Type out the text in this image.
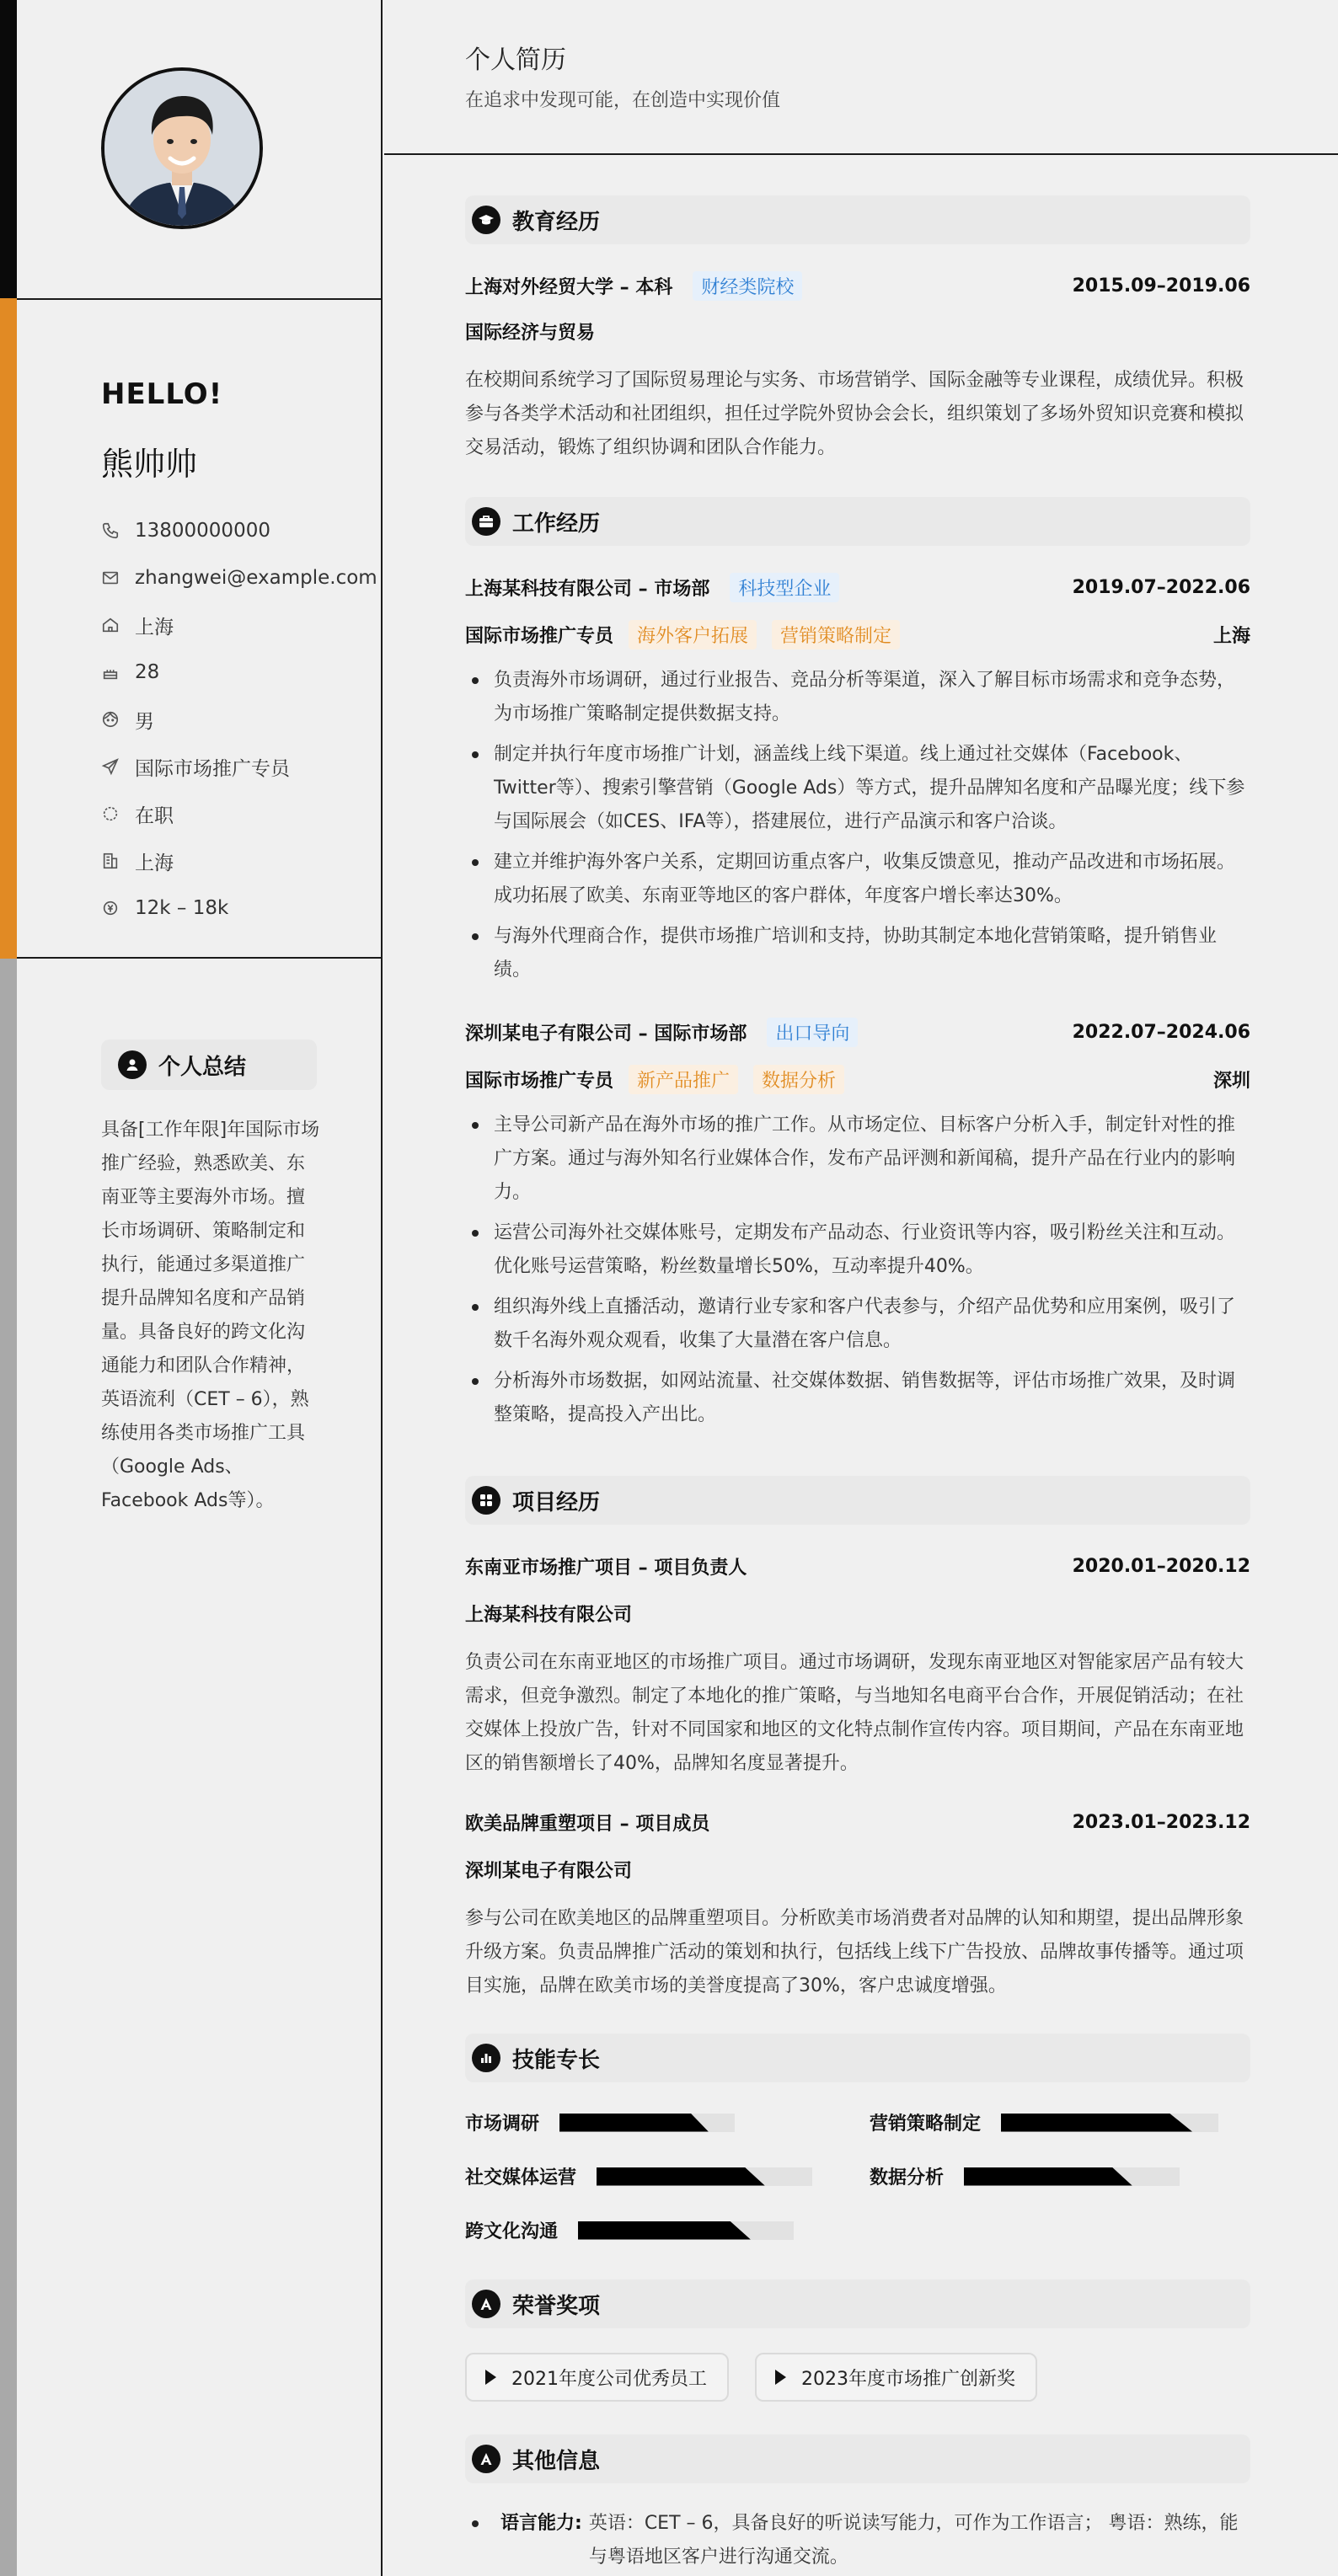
HELLO!
熊帅帅
13800000000
zhangwei@example.com
上海
28
男
国际市场推广专员
在职
上海
12k – 18k
个人总结
具备[工作年限]年国际市场推广经验，熟悉欧美、东南亚等主要海外市场。擅长市场调研、策略制定和执行，能通过多渠道推广提升品牌知名度和产品销量。具备良好的跨文化沟通能力和团队合作精神，英语流利（CET – 6），熟练使用各类市场推广工具（Google Ads、Facebook Ads等）。
个人简历
在追求中发现可能，在创造中实现价值
教育经历
上海对外经贸大学 – 本科	财经类院校	2015.09–2019.06
国际经济与贸易
在校期间系统学习了国际贸易理论与实务、市场营销学、国际金融等专业课程，成绩优异。积极参与各类学术活动和社团组织，担任过学院外贸协会会长，组织策划了多场外贸知识竞赛和模拟交易活动，锻炼了组织协调和团队合作能力。
工作经历
上海某科技有限公司 – 市场部	科技型企业	2019.07–2022.06
国际市场推广专员	海外客户拓展	营销策略制定	上海
负责海外市场调研，通过行业报告、竞品分析等渠道，深入了解目标市场需求和竞争态势，为市场推广策略制定提供数据支持。
制定并执行年度市场推广计划，涵盖线上线下渠道。线上通过社交媒体（Facebook、Twitter等）、搜索引擎营销（Google Ads）等方式，提升品牌知名度和产品曝光度；线下参与国际展会（如CES、IFA等），搭建展位，进行产品演示和客户洽谈。
建立并维护海外客户关系，定期回访重点客户，收集反馈意见，推动产品改进和市场拓展。成功拓展了欧美、东南亚等地区的客户群体，年度客户增长率达30%。
与海外代理商合作，提供市场推广培训和支持，协助其制定本地化营销策略，提升销售业绩。
深圳某电子有限公司 – 国际市场部	出口导向	2022.07–2024.06
国际市场推广专员	新产品推广	数据分析	深圳
主导公司新产品在海外市场的推广工作。从市场定位、目标客户分析入手，制定针对性的推广方案。通过与海外知名行业媒体合作，发布产品评测和新闻稿，提升产品在行业内的影响力。
运营公司海外社交媒体账号，定期发布产品动态、行业资讯等内容，吸引粉丝关注和互动。优化账号运营策略，粉丝数量增长50%，互动率提升40%。
组织海外线上直播活动，邀请行业专家和客户代表参与，介绍产品优势和应用案例，吸引了数千名海外观众观看，收集了大量潜在客户信息。
分析海外市场数据，如网站流量、社交媒体数据、销售数据等，评估市场推广效果，及时调整策略，提高投入产出比。
项目经历
东南亚市场推广项目 – 项目负责人	2020.01–2020.12
上海某科技有限公司
负责公司在东南亚地区的市场推广项目。通过市场调研，发现东南亚地区对智能家居产品有较大需求，但竞争激烈。制定了本地化的推广策略，与当地知名电商平台合作，开展促销活动；在社交媒体上投放广告，针对不同国家和地区的文化特点制作宣传内容。项目期间，产品在东南亚地区的销售额增长了40%，品牌知名度显著提升。
欧美品牌重塑项目 – 项目成员	2023.01–2023.12
深圳某电子有限公司
参与公司在欧美地区的品牌重塑项目。分析欧美市场消费者对品牌的认知和期望，提出品牌形象升级方案。负责品牌推广活动的策划和执行，包括线上线下广告投放、品牌故事传播等。通过项目实施，品牌在欧美市场的美誉度提高了30%，客户忠诚度增强。
技能专长
市场调研	营销策略制定
社交媒体运营	数据分析
跨文化沟通
荣誉奖项
2021年度公司优秀员工	2023年度市场推广创新奖
其他信息
语言能力: 英语：CET – 6，具备良好的听说读写能力，可作为工作语言； 粤语：熟练，能与粤语地区客户进行沟通交流。
